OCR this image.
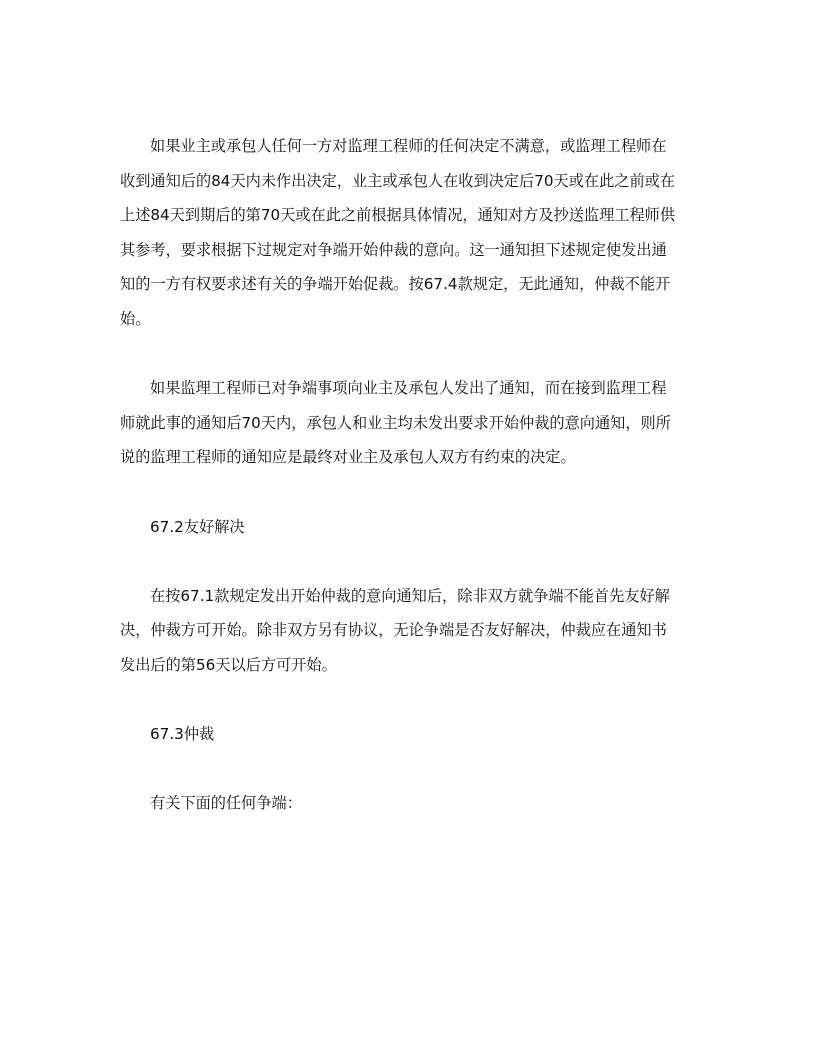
如果业主或承包人任何一方对监理工程师的任何决定不满意，或监理工程师在
收到通知后的84天内未作出决定，业主或承包人在收到决定后70天或在此之前或在
上述84天到期后的第70天或在此之前根据具体情况，通知对方及抄送监理工程师供
其参考，要求根据下过规定对争端开始仲裁的意向。这一通知担下述规定使发出通
知的一方有权要求述有关的争端开始促裁。按67.4款规定，无此通知，仲裁不能开
始。

如果监理工程师已对争端事项向业主及承包人发出了通知，而在接到监理工程
师就此事的通知后70天内，承包人和业主均未发出要求开始仲裁的意向通知，则所
说的监理工程师的通知应是最终对业主及承包人双方有约束的决定。

67.2友好解决

在按67.1款规定发出开始仲裁的意向通知后，除非双方就争端不能首先友好解
决，仲裁方可开始。除非双方另有协议，无论争端是否友好解决，仲裁应在通知书
发出后的第56天以后方可开始。

67.3仲裁

有关下面的任何争端：
